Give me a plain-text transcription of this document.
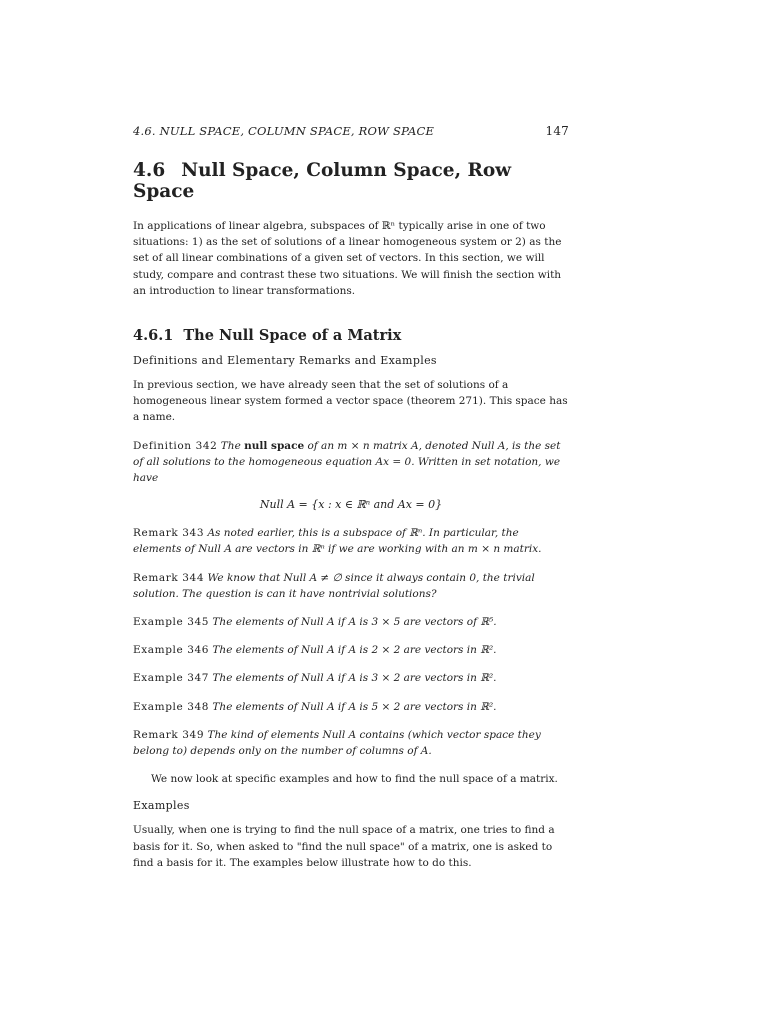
4.6. NULL SPACE, COLUMN SPACE, ROW SPACE	147
4.6 Null Space, Column Space, Row Space

In applications of linear algebra, subspaces of ℝⁿ typically arise in one of two situations: 1) as the set of solutions of a linear homogeneous system or 2) as the set of all linear combinations of a given set of vectors. In this section, we will study, compare and contrast these two situations. We will finish the section with an introduction to linear transformations.

4.6.1 The Null Space of a Matrix
Definitions and Elementary Remarks and Examples

In previous section, we have already seen that the set of solutions of a homogeneous linear system formed a vector space (theorem 271). This space has a name.

Definition 342 The null space of an m × n matrix A, denoted Null A, is the set of all solutions to the homogeneous equation Ax = 0. Written in set notation, we have

Null A = {x : x ∈ ℝⁿ and Ax = 0}

Remark 343 As noted earlier, this is a subspace of ℝⁿ. In particular, the elements of Null A are vectors in ℝⁿ if we are working with an m × n matrix.

Remark 344 We know that Null A ≠ ∅ since it always contain 0, the trivial solution. The question is can it have nontrivial solutions?

Example 345 The elements of Null A if A is 3 × 5 are vectors of ℝ⁵.

Example 346 The elements of Null A if A is 2 × 2 are vectors in ℝ².

Example 347 The elements of Null A if A is 3 × 2 are vectors in ℝ².

Example 348 The elements of Null A if A is 5 × 2 are vectors in ℝ².

Remark 349 The kind of elements Null A contains (which vector space they belong to) depends only on the number of columns of A.

We now look at specific examples and how to find the null space of a matrix.

Examples

Usually, when one is trying to find the null space of a matrix, one tries to find a basis for it. So, when asked to "find the null space" of a matrix, one is asked to find a basis for it. The examples below illustrate how to do this.
